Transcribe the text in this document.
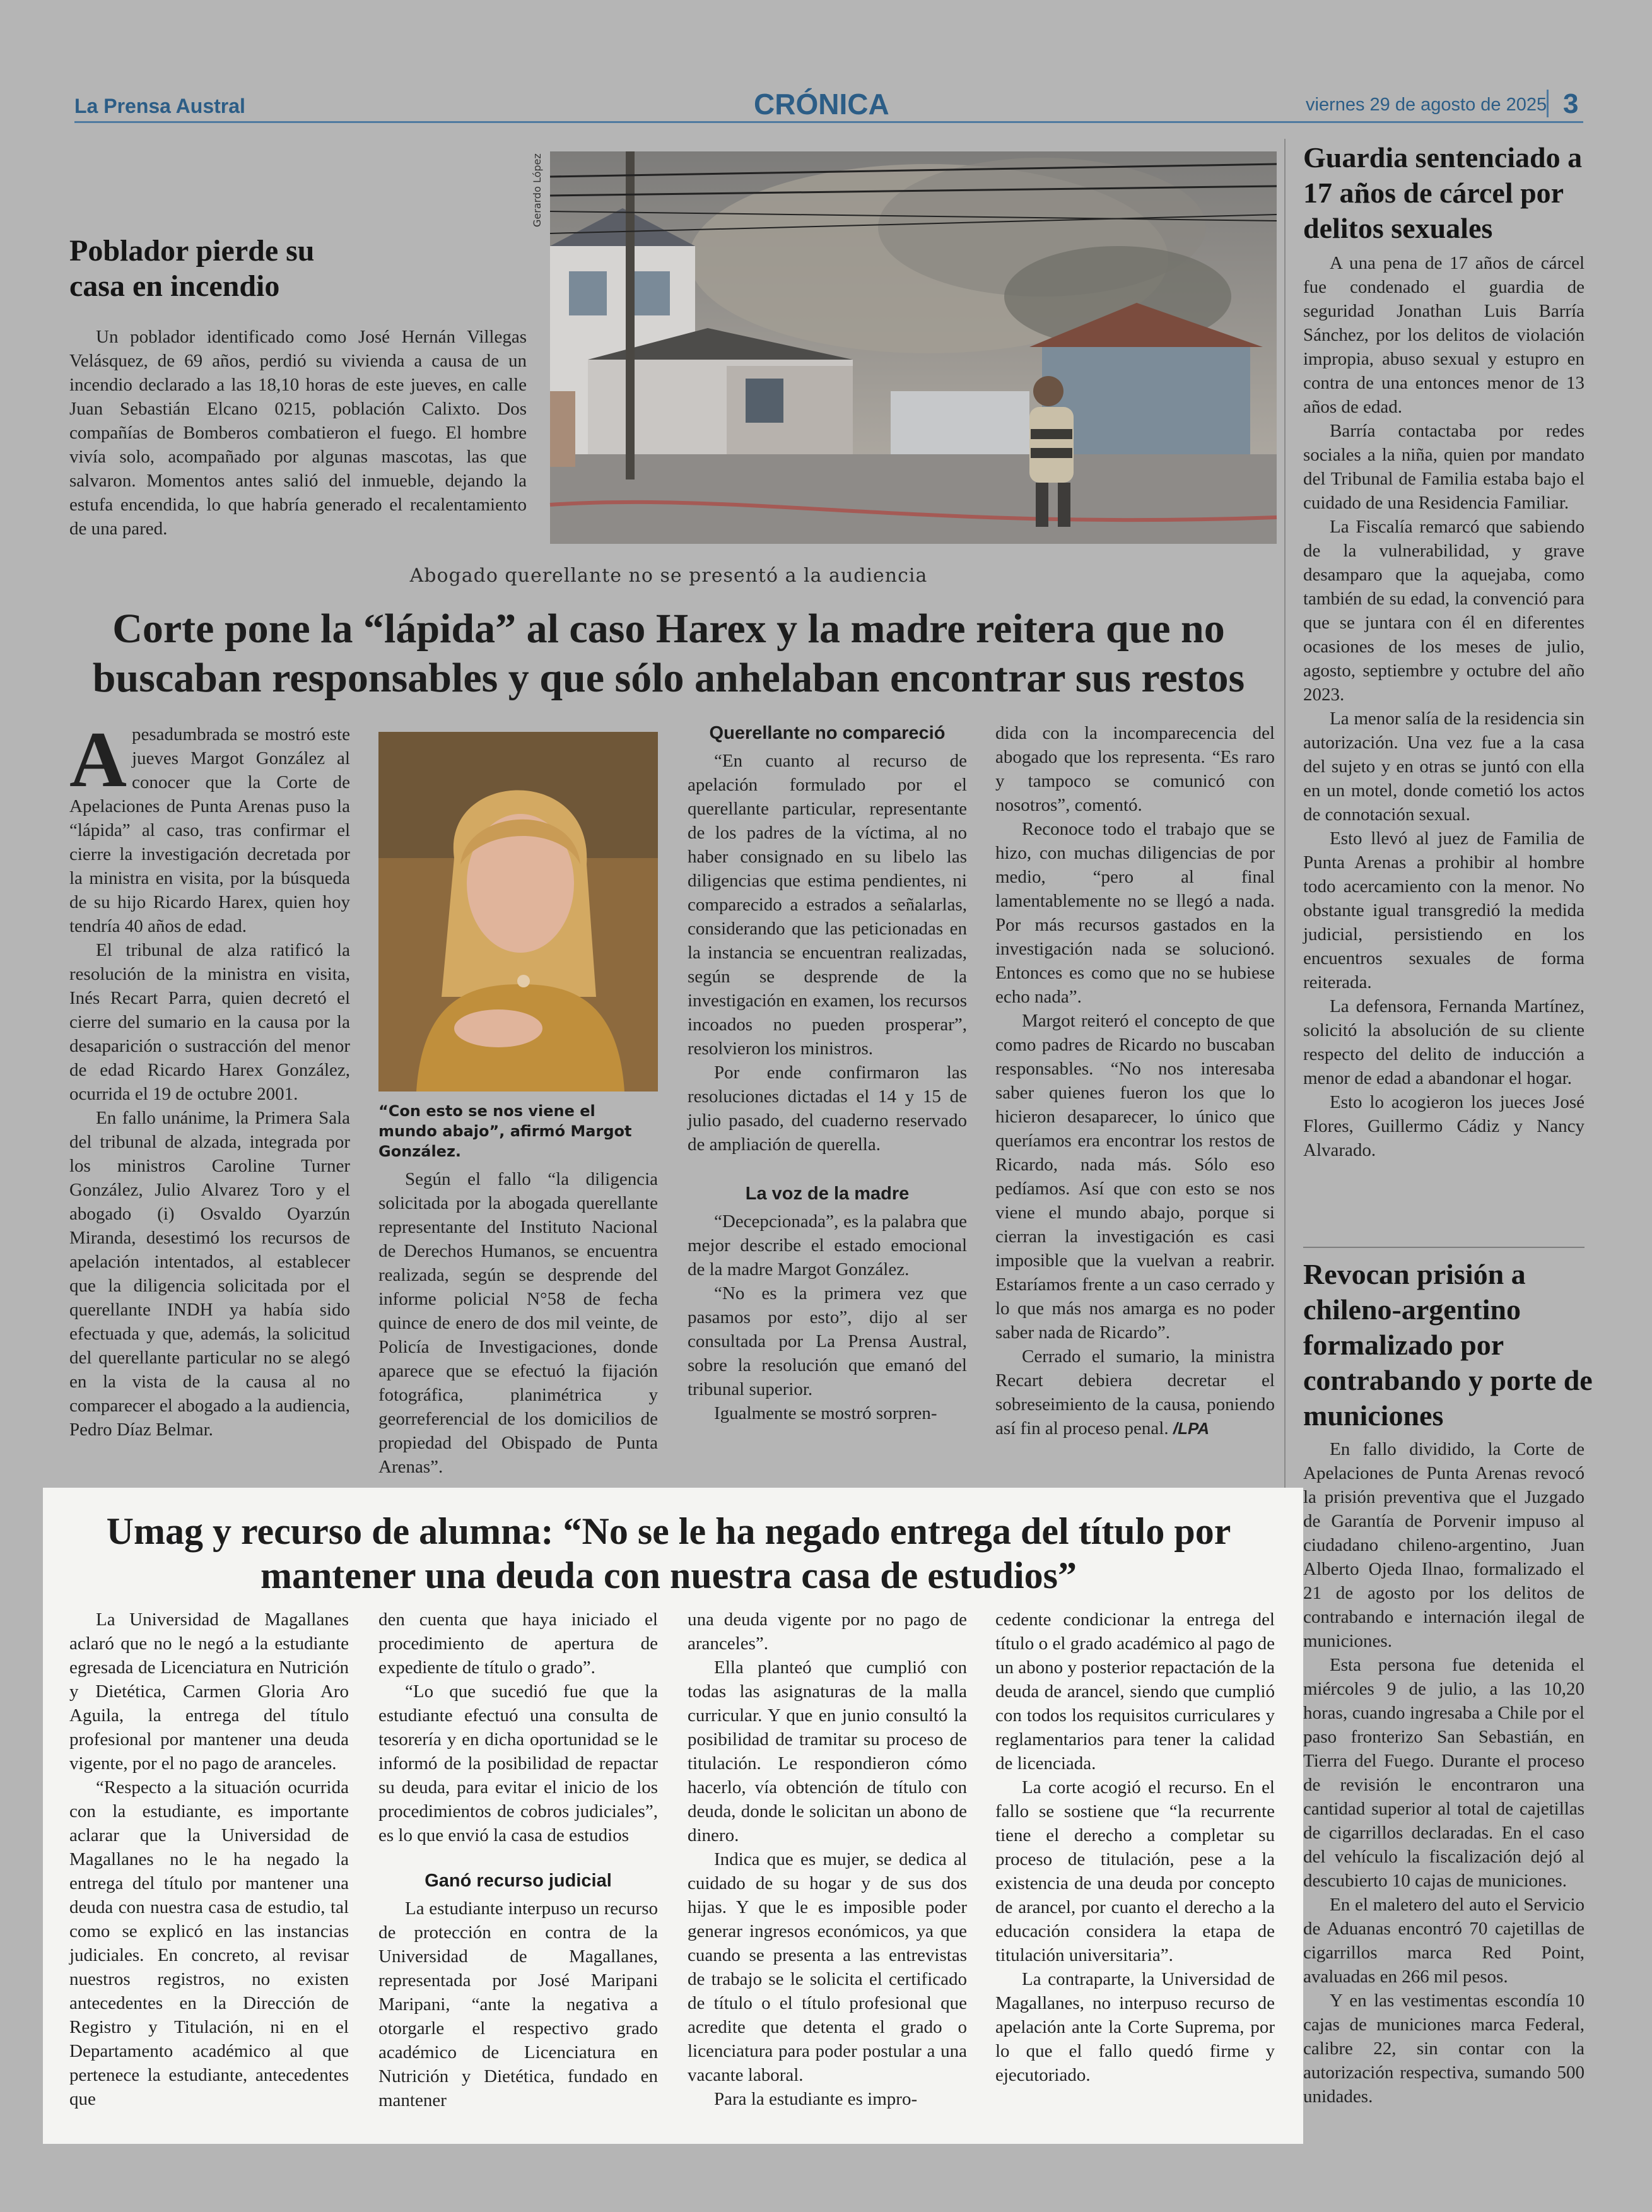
La Prensa Austral	CRÓNICA	viernes 29 de agosto de 2025 3
Poblador pierde su casa en incendio

Un poblador identificado como José Hernán Villegas Velásquez, de 69 años, perdió su vivienda a causa de un incendio declarado a las 18,10 horas de este jueves, en calle Juan Sebastián Elcano 0215, población Calixto. Dos compañías de Bomberos combatieron el fuego. El hombre vivía solo, acompañado por algunas mascotas, las que salvaron. Momentos antes salió del inmueble, dejando la estufa encendida, lo que habría generado el recalentamiento de una pared.

Gerardo López
Abogado querellante no se presentó a la audiencia
Corte pone la “lápida” al caso Harex y la madre reitera que no buscaban responsables y que sólo anhelaban encontrar sus restos

Apesadumbrada se mostró este jueves Margot González al conocer que la Corte de Apelaciones de Punta Arenas puso la “lápida” al caso, tras confirmar el cierre la investigación decretada por la ministra en visita, por la búsqueda de su hijo Ricardo Harex, quien hoy tendría 40 años de edad.

El tribunal de alza ratificó la resolución de la ministra en visita, Inés Recart Parra, quien decretó el cierre del sumario en la causa por la desaparición o sustracción del menor de edad Ricardo Harex González, ocurrida el 19 de octubre 2001.

En fallo unánime, la Primera Sala del tribunal de alzada, integrada por los ministros Caroline Turner González, Julio Alvarez Toro y el abogado (i) Osvaldo Oyarzún Miranda, desestimó los recursos de apelación intentados, al establecer que la diligencia solicitada por el querellante INDH ya había sido efectuada y que, además, la solicitud del querellante particular no se alegó en la vista de la causa al no comparecer el abogado a la audiencia, Pedro Díaz Belmar.

“Con esto se nos viene el mundo abajo”, afirmó Margot González.

Según el fallo “la diligencia solicitada por la abogada querellante representante del Instituto Nacional de Derechos Humanos, se encuentra realizada, según se desprende del informe policial N°58 de fecha quince de enero de dos mil veinte, de Policía de Investigaciones, donde aparece que se efectuó la fijación fotográfica, planimétrica y georreferencial de los domicilios de propiedad del Obispado de Punta Arenas”.

Querellante no compareció

“En cuanto al recurso de apelación formulado por el querellante particular, representante de los padres de la víctima, al no haber consignado en su libelo las diligencias que estima pendientes, ni comparecido a estrados a señalarlas, considerando que las peticionadas en la instancia se encuentran realizadas, según se desprende de la investigación en examen, los recursos incoados no pueden prosperar”, resolvieron los ministros.

Por ende confirmaron las resoluciones dictadas el 14 y 15 de julio pasado, del cuaderno reservado de ampliación de querella.

La voz de la madre

“Decepcionada”, es la palabra que mejor describe el estado emocional de la madre Margot González.

“No es la primera vez que pasamos por esto”, dijo al ser consultada por La Prensa Austral, sobre la resolución que emanó del tribunal superior.

Igualmente se mostró sorpren-

dida con la incomparecencia del abogado que los representa. “Es raro y tampoco se comunicó con nosotros”, comentó.

Reconoce todo el trabajo que se hizo, con muchas diligencias de por medio, “pero al final lamentablemente no se llegó a nada. Por más recursos gastados en la investigación nada se solucionó. Entonces es como que no se hubiese echo nada”.

Margot reiteró el concepto de que como padres de Ricardo no buscaban responsables. “No nos interesaba saber quienes fueron los que lo hicieron desaparecer, lo único que queríamos era encontrar los restos de Ricardo, nada más. Sólo eso pedíamos. Así que con esto se nos viene el mundo abajo, porque si cierran la investigación es casi imposible que la vuelvan a reabrir. Estaríamos frente a un caso cerrado y lo que más nos amarga es no poder saber nada de Ricardo”.

Cerrado el sumario, la ministra Recart debiera decretar el sobreseimiento de la causa, poniendo así fin al proceso penal. /LPA

Guardia sentenciado a 17 años de cárcel por delitos sexuales

A una pena de 17 años de cárcel fue condenado el guardia de seguridad Jonathan Luis Barría Sánchez, por los delitos de violación impropia, abuso sexual y estupro en contra de una entonces menor de 13 años de edad.

Barría contactaba por redes sociales a la niña, quien por mandato del Tribunal de Familia estaba bajo el cuidado de una Residencia Familiar.

La Fiscalía remarcó que sabiendo de la vulnerabilidad, y grave desamparo que la aquejaba, como también de su edad, la convenció para que se juntara con él en diferentes ocasiones de los meses de julio, agosto, septiembre y octubre del año 2023.

La menor salía de la residencia sin autorización. Una vez fue a la casa del sujeto y en otras se juntó con ella en un motel, donde cometió los actos de connotación sexual.

Esto llevó al juez de Familia de Punta Arenas a prohibir al hombre todo acercamiento con la menor. No obstante igual transgredió la medida judicial, persistiendo en los encuentros sexuales de forma reiterada.

La defensora, Fernanda Martínez, solicitó la absolución de su cliente respecto del delito de inducción a menor de edad a abandonar el hogar.

Esto lo acogieron los jueces José Flores, Guillermo Cádiz y Nancy Alvarado.

Revocan prisión a chileno-argentino formalizado por contrabando y porte de municiones

En fallo dividido, la Corte de Apelaciones de Punta Arenas revocó la prisión preventiva que el Juzgado de Garantía de Porvenir impuso al ciudadano chileno-argentino, Juan Alberto Ojeda Ilnao, formalizado el 21 de agosto por los delitos de contrabando e internación ilegal de municiones.

Esta persona fue detenida el miércoles 9 de julio, a las 10,20 horas, cuando ingresaba a Chile por el paso fronterizo San Sebastián, en Tierra del Fuego. Durante el proceso de revisión le encontraron una cantidad superior al total de cajetillas de cigarrillos declaradas. En el caso del vehículo la fiscalización dejó al descubierto 10 cajas de municiones.

En el maletero del auto el Servicio de Aduanas encontró 70 cajetillas de cigarrillos marca Red Point, avaluadas en 266 mil pesos.

Y en las vestimentas escondía 10 cajas de municiones marca Federal, calibre 22, sin contar con la autorización respectiva, sumando 500 unidades.

Umag y recurso de alumna: “No se le ha negado entrega del título por mantener una deuda con nuestra casa de estudios”

La Universidad de Magallanes aclaró que no le negó a la estudiante egresada de Licenciatura en Nutrición y Dietética, Carmen Gloria Aro Aguila, la entrega del título profesional por mantener una deuda vigente, por el no pago de aranceles.

“Respecto a la situación ocurrida con la estudiante, es importante aclarar que la Universidad de Magallanes no le ha negado la entrega del título por mantener una deuda con nuestra casa de estudio, tal como se explicó en las instancias judiciales. En concreto, al revisar nuestros registros, no existen antecedentes en la Dirección de Registro y Titulación, ni en el Departamento académico al que pertenece la estudiante, antecedentes que

den cuenta que haya iniciado el procedimiento de apertura de expediente de título o grado”.

“Lo que sucedió fue que la estudiante efectuó una consulta de tesorería y en dicha oportunidad se le informó de la posibilidad de repactar su deuda, para evitar el inicio de los procedimientos de cobros judiciales”, es lo que envió la casa de estudios

Ganó recurso judicial

La estudiante interpuso un recurso de protección en contra de la Universidad de Magallanes, representada por José Maripani Maripani, “ante la negativa a otorgarle el respectivo grado académico de Licenciatura en Nutrición y Dietética, fundado en mantener

una deuda vigente por no pago de aranceles”.

Ella planteó que cumplió con todas las asignaturas de la malla curricular. Y que en junio consultó la posibilidad de tramitar su proceso de titulación. Le respondieron cómo hacerlo, vía obtención de título con deuda, donde le solicitan un abono de dinero.

Indica que es mujer, se dedica al cuidado de su hogar y de sus dos hijas. Y que le es imposible poder generar ingresos económicos, ya que cuando se presenta a las entrevistas de trabajo se le solicita el certificado de título o el título profesional que acredite que detenta el grado o licenciatura para poder postular a una vacante laboral.

Para la estudiante es impro-

cedente condicionar la entrega del título o el grado académico al pago de un abono y posterior repactación de la deuda de arancel, siendo que cumplió con todos los requisitos curriculares y reglamentarios para tener la calidad de licenciada.

La corte acogió el recurso. En el fallo se sostiene que “la recurrente tiene el derecho a completar su proceso de titulación, pese a la existencia de una deuda por concepto de arancel, por cuanto el derecho a la educación considera la etapa de titulación universitaria”.

La contraparte, la Universidad de Magallanes, no interpuso recurso de apelación ante la Corte Suprema, por lo que el fallo quedó firme y ejecutoriado.
